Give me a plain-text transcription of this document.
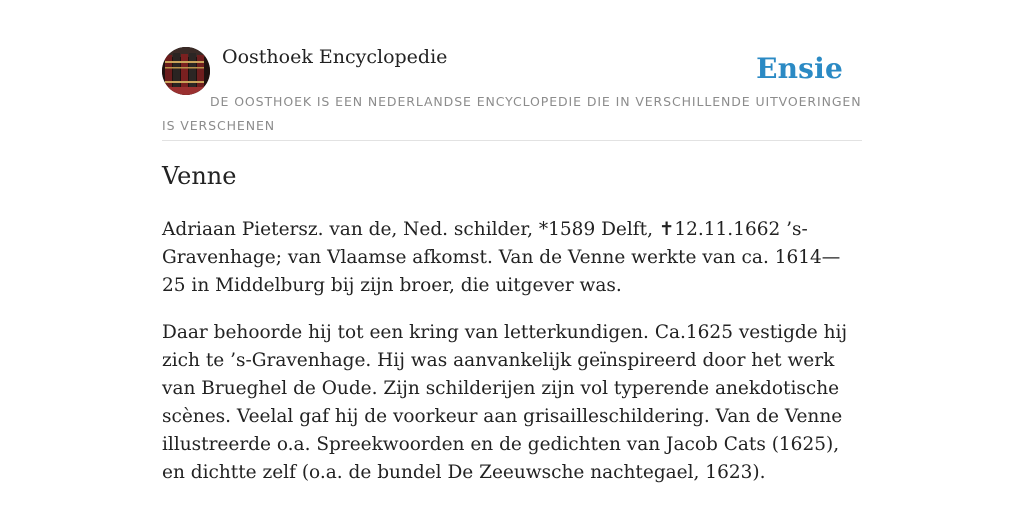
Oosthoek Encyclopedie	Ensie
DE OOSTHOEK IS EEN NEDERLANDSE ENCYCLOPEDIE DIE IN VERSCHILLENDE UITVOERINGEN IS VERSCHENEN
Venne

Adriaan Pietersz. van de, Ned. schilder, *1589 Delft, ✝12.11.1662 ’s-Gravenhage; van Vlaamse afkomst. Van de Venne werkte van ca. 1614—25 in Middelburg bij zijn broer, die uitgever was.

Daar behoorde hij tot een kring van letterkundigen. Ca.1625 vestigde hij zich te ’s-Gravenhage. Hij was aanvankelijk geïnspireerd door het werk van Brueghel de Oude. Zijn schilderijen zijn vol typerende anekdotische scènes. Veelal gaf hij de voorkeur aan grisailleschildering. Van de Venne illustreerde o.a. Spreekwoorden en de gedichten van Jacob Cats (1625), en dichtte zelf (o.a. de bundel De Zeeuwsche nachtegael, 1623).
